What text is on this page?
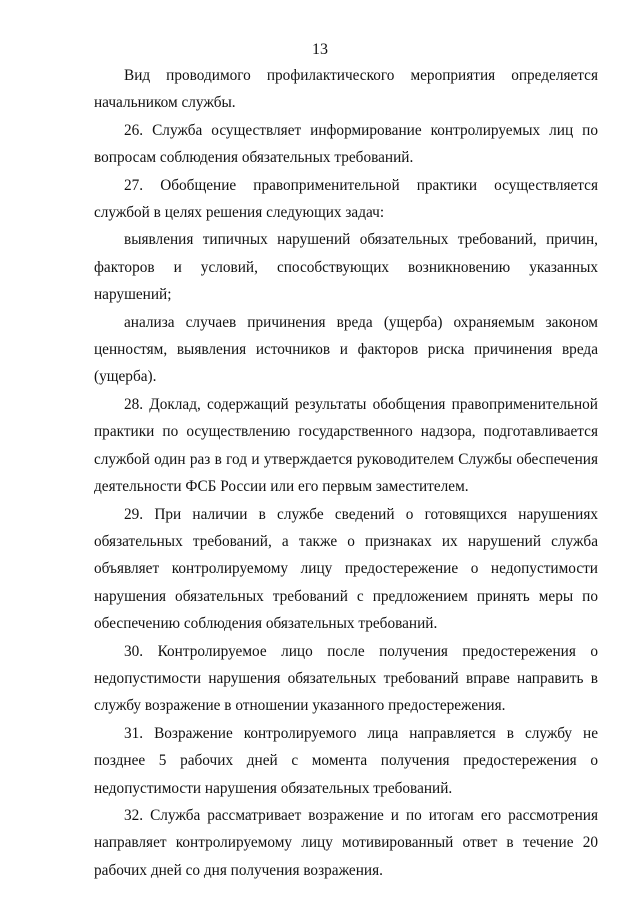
13

Вид проводимого профилактического мероприятия определяется начальником службы.

26. Служба осуществляет информирование контролируемых лиц по вопросам соблюдения обязательных требований.

27. Обобщение правоприменительной практики осуществляется службой в целях решения следующих задач:

выявления типичных нарушений обязательных требований, причин, факторов и условий, способствующих возникновению указанных нарушений;

анализа случаев причинения вреда (ущерба) охраняемым законом ценностям, выявления источников и факторов риска причинения вреда (ущерба).

28. Доклад, содержащий результаты обобщения правоприменительной практики по осуществлению государственного надзора, подготавливается службой один раз в год и утверждается руководителем Службы обеспечения деятельности ФСБ России или его первым заместителем.

29. При наличии в службе сведений о готовящихся нарушениях обязательных требований, а также о признаках их нарушений служба объявляет контролируемому лицу предостережение о недопустимости нарушения обязательных требований с предложением принять меры по обеспечению соблюдения обязательных требований.

30. Контролируемое лицо после получения предостережения о недопустимости нарушения обязательных требований вправе направить в службу возражение в отношении указанного предостережения.

31. Возражение контролируемого лица направляется в службу не позднее 5 рабочих дней с момента получения предостережения о недопустимости нарушения обязательных требований.

32. Служба рассматривает возражение и по итогам его рассмотрения направляет контролируемому лицу мотивированный ответ в течение 20 рабочих дней со дня получения возражения.
